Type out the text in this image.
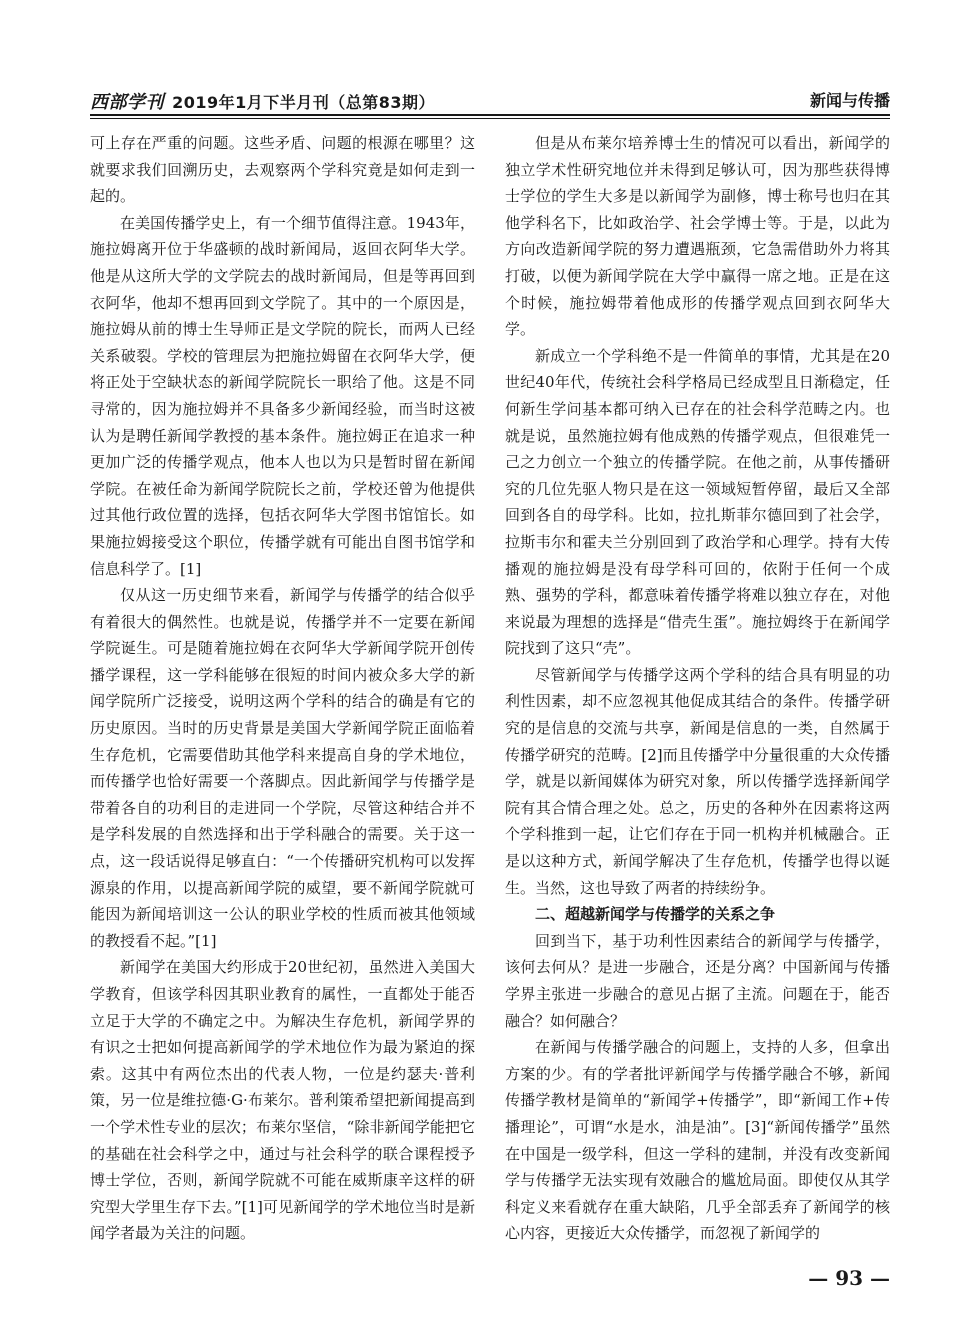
西部学刊 2019年1月下半月刊（总第83期）	新闻与传播

可上存在严重的问题。这些矛盾、问题的根源在哪里？这就要求我们回溯历史，去观察两个学科究竟是如何走到一起的。

在美国传播学史上，有一个细节值得注意。1943年，施拉姆离开位于华盛顿的战时新闻局，返回衣阿华大学。他是从这所大学的文学院去的战时新闻局，但是等再回到衣阿华，他却不想再回到文学院了。其中的一个原因是，施拉姆从前的博士生导师正是文学院的院长，而两人已经关系破裂。学校的管理层为把施拉姆留在衣阿华大学，便将正处于空缺状态的新闻学院院长一职给了他。这是不同寻常的，因为施拉姆并不具备多少新闻经验，而当时这被认为是聘任新闻学教授的基本条件。施拉姆正在追求一种更加广泛的传播学观点，他本人也以为只是暂时留在新闻学院。在被任命为新闻学院院长之前，学校还曾为他提供过其他行政位置的选择，包括衣阿华大学图书馆馆长。如果施拉姆接受这个职位，传播学就有可能出自图书馆学和信息科学了。[1]

仅从这一历史细节来看，新闻学与传播学的结合似乎有着很大的偶然性。也就是说，传播学并不一定要在新闻学院诞生。可是随着施拉姆在衣阿华大学新闻学院开创传播学课程，这一学科能够在很短的时间内被众多大学的新闻学院所广泛接受，说明这两个学科的结合的确是有它的历史原因。当时的历史背景是美国大学新闻学院正面临着生存危机，它需要借助其他学科来提高自身的学术地位，而传播学也恰好需要一个落脚点。因此新闻学与传播学是带着各自的功利目的走进同一个学院，尽管这种结合并不是学科发展的自然选择和出于学科融合的需要。关于这一点，这一段话说得足够直白：“一个传播研究机构可以发挥源泉的作用，以提高新闻学院的威望，要不新闻学院就可能因为新闻培训这一公认的职业学校的性质而被其他领域的教授看不起。”[1]

新闻学在美国大约形成于20世纪初，虽然进入美国大学教育，但该学科因其职业教育的属性，一直都处于能否立足于大学的不确定之中。为解决生存危机，新闻学界的有识之士把如何提高新闻学的学术地位作为最为紧迫的探索。这其中有两位杰出的代表人物，一位是约瑟夫·普利策，另一位是维拉德·G·布莱尔。普利策希望把新闻提高到一个学术性专业的层次；布莱尔坚信，“除非新闻学能把它的基础在社会科学之中，通过与社会科学的联合课程授予博士学位，否则，新闻学院就不可能在威斯康辛这样的研究型大学里生存下去。”[1]可见新闻学的学术地位当时是新闻学者最为关注的问题。

但是从布莱尔培养博士生的情况可以看出，新闻学的独立学术性研究地位并未得到足够认可，因为那些获得博士学位的学生大多是以新闻学为副修，博士称号也归在其他学科名下，比如政治学、社会学博士等。于是，以此为方向改造新闻学院的努力遭遇瓶颈，它急需借助外力将其打破，以便为新闻学院在大学中赢得一席之地。正是在这个时候，施拉姆带着他成形的传播学观点回到衣阿华大学。

新成立一个学科绝不是一件简单的事情，尤其是在20世纪40年代，传统社会科学格局已经成型且日渐稳定，任何新生学问基本都可纳入已存在的社会科学范畴之内。也就是说，虽然施拉姆有他成熟的传播学观点，但很难凭一己之力创立一个独立的传播学院。在他之前，从事传播研究的几位先驱人物只是在这一领域短暂停留，最后又全部回到各自的母学科。比如，拉扎斯菲尔德回到了社会学，拉斯韦尔和霍夫兰分别回到了政治学和心理学。持有大传播观的施拉姆是没有母学科可回的，依附于任何一个成熟、强势的学科，都意味着传播学将难以独立存在，对他来说最为理想的选择是“借壳生蛋”。施拉姆终于在新闻学院找到了这只“壳”。

尽管新闻学与传播学这两个学科的结合具有明显的功利性因素，却不应忽视其他促成其结合的条件。传播学研究的是信息的交流与共享，新闻是信息的一类，自然属于传播学研究的范畴。[2]而且传播学中分量很重的大众传播学，就是以新闻媒体为研究对象，所以传播学选择新闻学院有其合情合理之处。总之，历史的各种外在因素将这两个学科推到一起，让它们存在于同一机构并机械融合。正是以这种方式，新闻学解决了生存危机，传播学也得以诞生。当然，这也导致了两者的持续纷争。

二、超越新闻学与传播学的关系之争

回到当下，基于功利性因素结合的新闻学与传播学，该何去何从？是进一步融合，还是分离？中国新闻与传播学界主张进一步融合的意见占据了主流。问题在于，能否融合？如何融合？

在新闻与传播学融合的问题上，支持的人多，但拿出方案的少。有的学者批评新闻学与传播学融合不够，新闻传播学教材是简单的“新闻学+传播学”，即“新闻工作+传播理论”，可谓“水是水，油是油”。[3]“新闻传播学”虽然在中国是一级学科，但这一学科的建制，并没有改变新闻学与传播学无法实现有效融合的尴尬局面。即使仅从其学科定义来看就存在重大缺陷，几乎全部丢弃了新闻学的核心内容，更接近大众传播学，而忽视了新闻学的

— 93 —
